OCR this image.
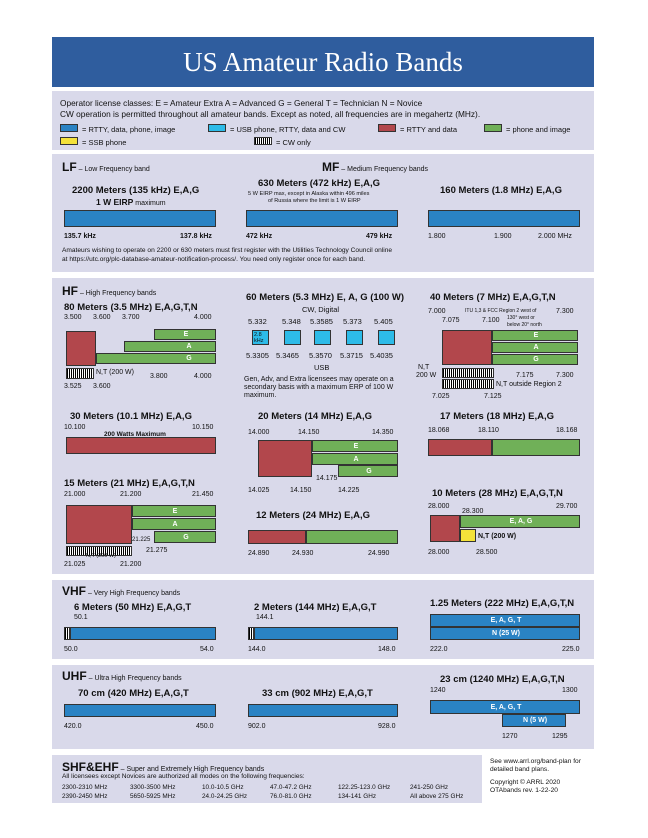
US Amateur Radio Bands
Operator license classes: E = Amateur Extra A = Advanced G = General T = Technician N = Novice
CW operation is permitted throughout all amateur bands. Except as noted, all frequencies are in megahertz (MHz).
= RTTY, data, phone, image	= USB phone, RTTY, data and CW	= RTTY and data	= phone and image
= SSB phone	= CW only
LF – Low Frequency band	MF – Medium Frequency bands
2200 Meters (135 kHz) E,A,G
1 W EIRP maximum
135.7 kHz	137.8 kHz
630 Meters (472 kHz) E,A,G
5 W EIRP max, except in Alaska within 496 miles
of Russia where the limit is 1 W EIRP
472 kHz	479 kHz
160 Meters (1.8 MHz) E,A,G
1.800	1.900	2.000 MHz
Amateurs wishing to operate on 2200 or 630 meters must first register with the Utilities Technology Council online
at https://utc.org/plc-database-amateur-notification-process/. You need only register once for each band.
HF – High Frequency bands
80 Meters (3.5 MHz) E,A,G,T,N
3.500 3.600 3.700	4.000
E
A
G
N,T (200 W)
3.525 3.600
3.800	4.000
60 Meters (5.3 MHz) E, A, G (100 W)
CW, Digital
5.332 5.348 5.3585 5.373 5.405
2.8 kHz
5.3305 5.3465 5.3570 5.3715 5.4035
USB
Gen, Adv, and Extra licensees may operate on a
secondary basis with a maximum ERP of 100 W
maximum.
40 Meters (7 MHz) E,A,G,T,N
7.000
7.075	7.100
7.300
ITU 1,3 & FCC Region 2 west of
130° west or
below 20° north
E
A
G
N,T
200 W	7.175	7.300
N,T outside Region 2
7.025	7.125
30 Meters (10.1 MHz) E,A,G
10.100	10.150
200 Watts Maximum
20 Meters (14 MHz) E,A,G
14.000	14.150	14.350
E
A
G
14.175
14.025	14.150	14.225
17 Meters (18 MHz) E,A,G
18.068	18.110	18.168
15 Meters (21 MHz) E,A,G,T,N
21.000	21.200	21.450
E
A
G
21.225
N,T (200 W)
21.275
21.025	21.200
12 Meters (24 MHz) E,A,G
24.890	24.930	24.990
10 Meters (28 MHz) E,A,G,T,N
28.000
28.300
29.700
E, A, G
N,T (200 W)
28.000	28.500
VHF – Very High Frequency bands
6 Meters (50 MHz) E,A,G,T
50.1
50.0	54.0
2 Meters (144 MHz) E,A,G,T
144.1
144.0	148.0
1.25 Meters (222 MHz) E,A,G,T,N
E, A, G, T
N (25 W)
222.0	225.0
UHF – Ultra High Frequency bands
70 cm (420 MHz) E,A,G,T
420.0	450.0
33 cm (902 MHz) E,A,G,T
902.0	928.0
23 cm (1240 MHz) E,A,G,T,N
1240	1300
E, A, G, T
N (5 W)
1270	1295
SHF&EHF – Super and Extremely High Frequency bands
All licensees except Novices are authorized all modes on the following frequencies:
2300-2310 MHz	3300-3500 MHz	10.0-10.5 GHz	47.0-47.2 GHz	122.25-123.0 GHz	241-250 GHz
2390-2450 MHz	5650-5925 MHz	24.0-24.25 GHz	76.0-81.0 GHz	134-141 GHz	All above 275 GHz
See www.arrl.org/band-plan for
detailed band plans.
Copyright © ARRL 2020
OTAbands rev. 1-22-20
